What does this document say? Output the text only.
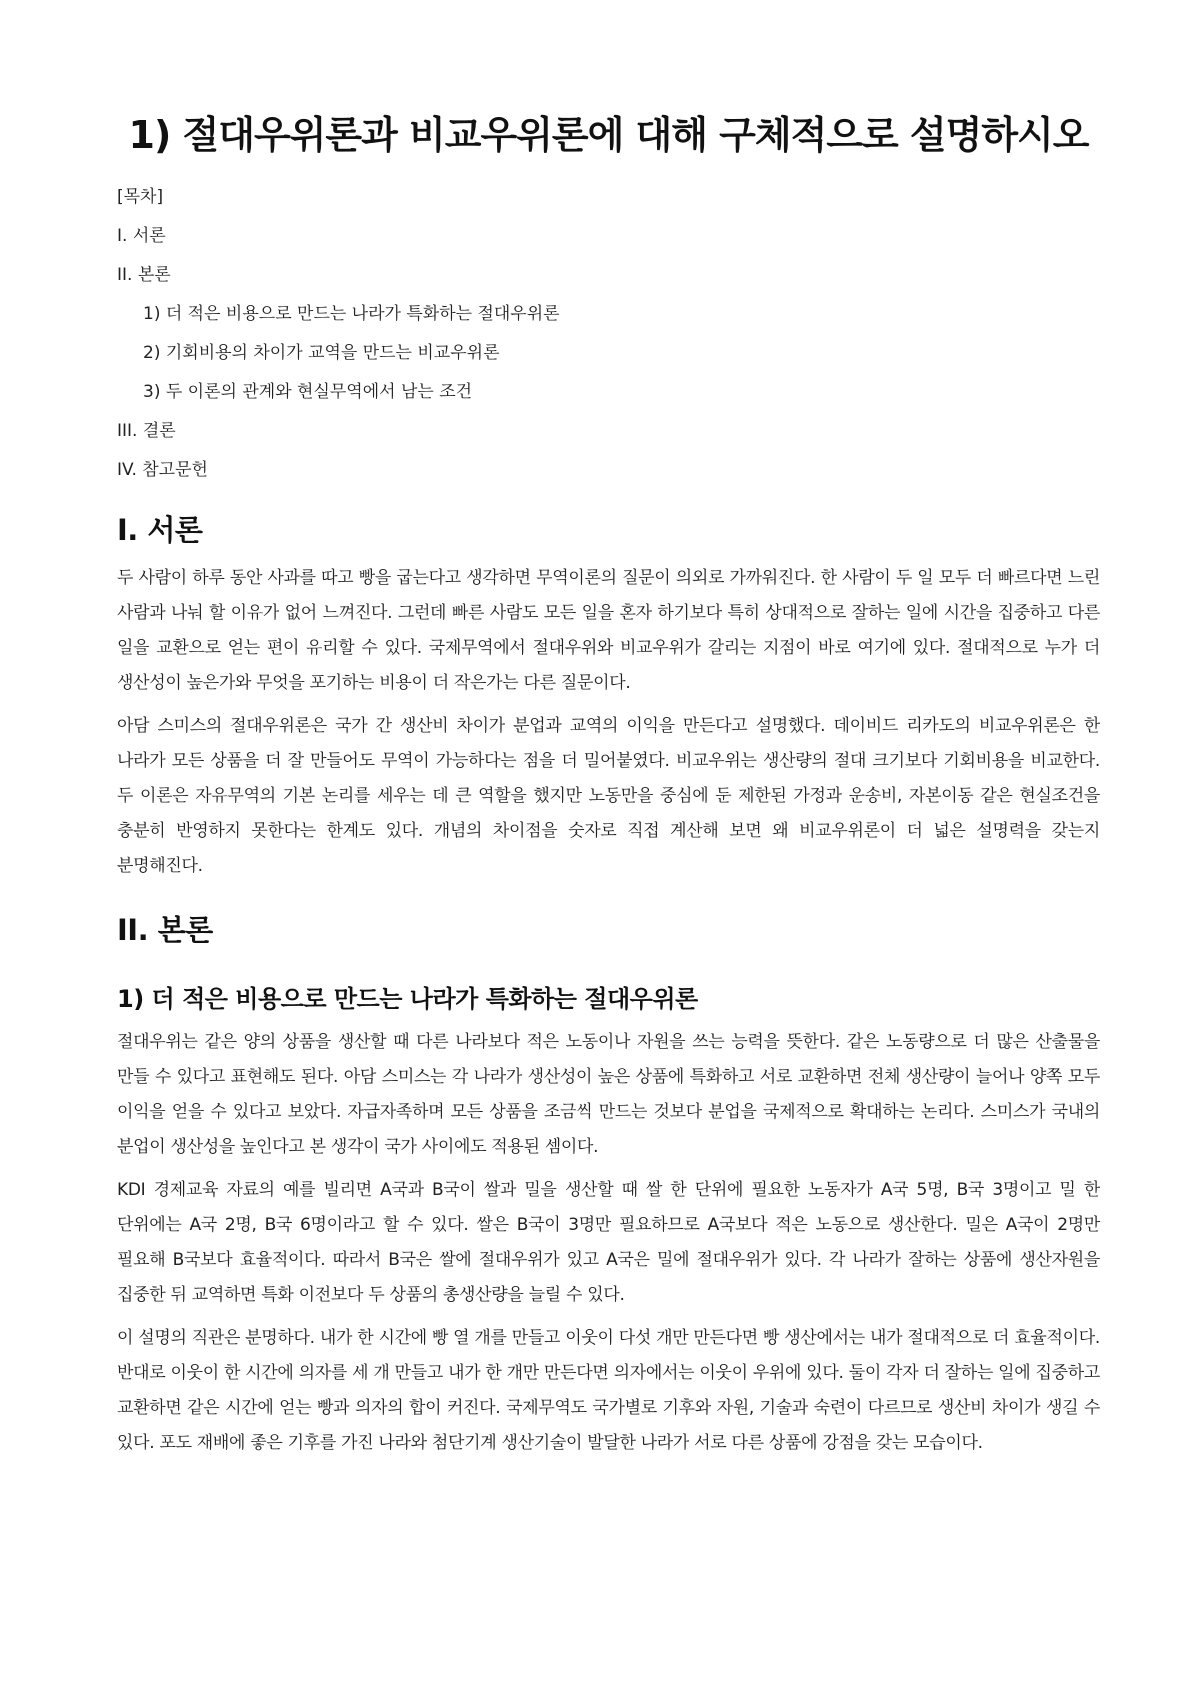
1) 절대우위론과 비교우위론에 대해 구체적으로 설명하시오
[목차]
I. 서론
II. 본론
1) 더 적은 비용으로 만드는 나라가 특화하는 절대우위론
2) 기회비용의 차이가 교역을 만드는 비교우위론
3) 두 이론의 관계와 현실무역에서 남는 조건
III. 결론
IV. 참고문헌
I. 서론

두 사람이 하루 동안 사과를 따고 빵을 굽는다고 생각하면 무역이론의 질문이 의외로 가까워진다. 한 사람이 두 일 모두 더 빠르다면 느린 사람과 나눠 할 이유가 없어 느껴진다. 그런데 빠른 사람도 모든 일을 혼자 하기보다 특히 상대적으로 잘하는 일에 시간을 집중하고 다른 일을 교환으로 얻는 편이 유리할 수 있다. 국제무역에서 절대우위와 비교우위가 갈리는 지점이 바로 여기에 있다. 절대적으로 누가 더 생산성이 높은가와 무엇을 포기하는 비용이 더 작은가는 다른 질문이다.

아담 스미스의 절대우위론은 국가 간 생산비 차이가 분업과 교역의 이익을 만든다고 설명했다. 데이비드 리카도의 비교우위론은 한 나라가 모든 상품을 더 잘 만들어도 무역이 가능하다는 점을 더 밀어붙였다. 비교우위는 생산량의 절대 크기보다 기회비용을 비교한다. 두 이론은 자유무역의 기본 논리를 세우는 데 큰 역할을 했지만 노동만을 중심에 둔 제한된 가정과 운송비, 자본이동 같은 현실조건을 충분히 반영하지 못한다는 한계도 있다. 개념의 차이점을 숫자로 직접 계산해 보면 왜 비교우위론이 더 넓은 설명력을 갖는지 분명해진다.

II. 본론
1) 더 적은 비용으로 만드는 나라가 특화하는 절대우위론

절대우위는 같은 양의 상품을 생산할 때 다른 나라보다 적은 노동이나 자원을 쓰는 능력을 뜻한다. 같은 노동량으로 더 많은 산출물을 만들 수 있다고 표현해도 된다. 아담 스미스는 각 나라가 생산성이 높은 상품에 특화하고 서로 교환하면 전체 생산량이 늘어나 양쪽 모두 이익을 얻을 수 있다고 보았다. 자급자족하며 모든 상품을 조금씩 만드는 것보다 분업을 국제적으로 확대하는 논리다. 스미스가 국내의 분업이 생산성을 높인다고 본 생각이 국가 사이에도 적용된 셈이다.

KDI 경제교육 자료의 예를 빌리면 A국과 B국이 쌀과 밀을 생산할 때 쌀 한 단위에 필요한 노동자가 A국 5명, B국 3명이고 밀 한 단위에는 A국 2명, B국 6명이라고 할 수 있다. 쌀은 B국이 3명만 필요하므로 A국보다 적은 노동으로 생산한다. 밀은 A국이 2명만 필요해 B국보다 효율적이다. 따라서 B국은 쌀에 절대우위가 있고 A국은 밀에 절대우위가 있다. 각 나라가 잘하는 상품에 생산자원을 집중한 뒤 교역하면 특화 이전보다 두 상품의 총생산량을 늘릴 수 있다.

이 설명의 직관은 분명하다. 내가 한 시간에 빵 열 개를 만들고 이웃이 다섯 개만 만든다면 빵 생산에서는 내가 절대적으로 더 효율적이다. 반대로 이웃이 한 시간에 의자를 세 개 만들고 내가 한 개만 만든다면 의자에서는 이웃이 우위에 있다. 둘이 각자 더 잘하는 일에 집중하고 교환하면 같은 시간에 얻는 빵과 의자의 합이 커진다. 국제무역도 국가별로 기후와 자원, 기술과 숙련이 다르므로 생산비 차이가 생길 수 있다. 포도 재배에 좋은 기후를 가진 나라와 첨단기계 생산기술이 발달한 나라가 서로 다른 상품에 강점을 갖는 모습이다.
